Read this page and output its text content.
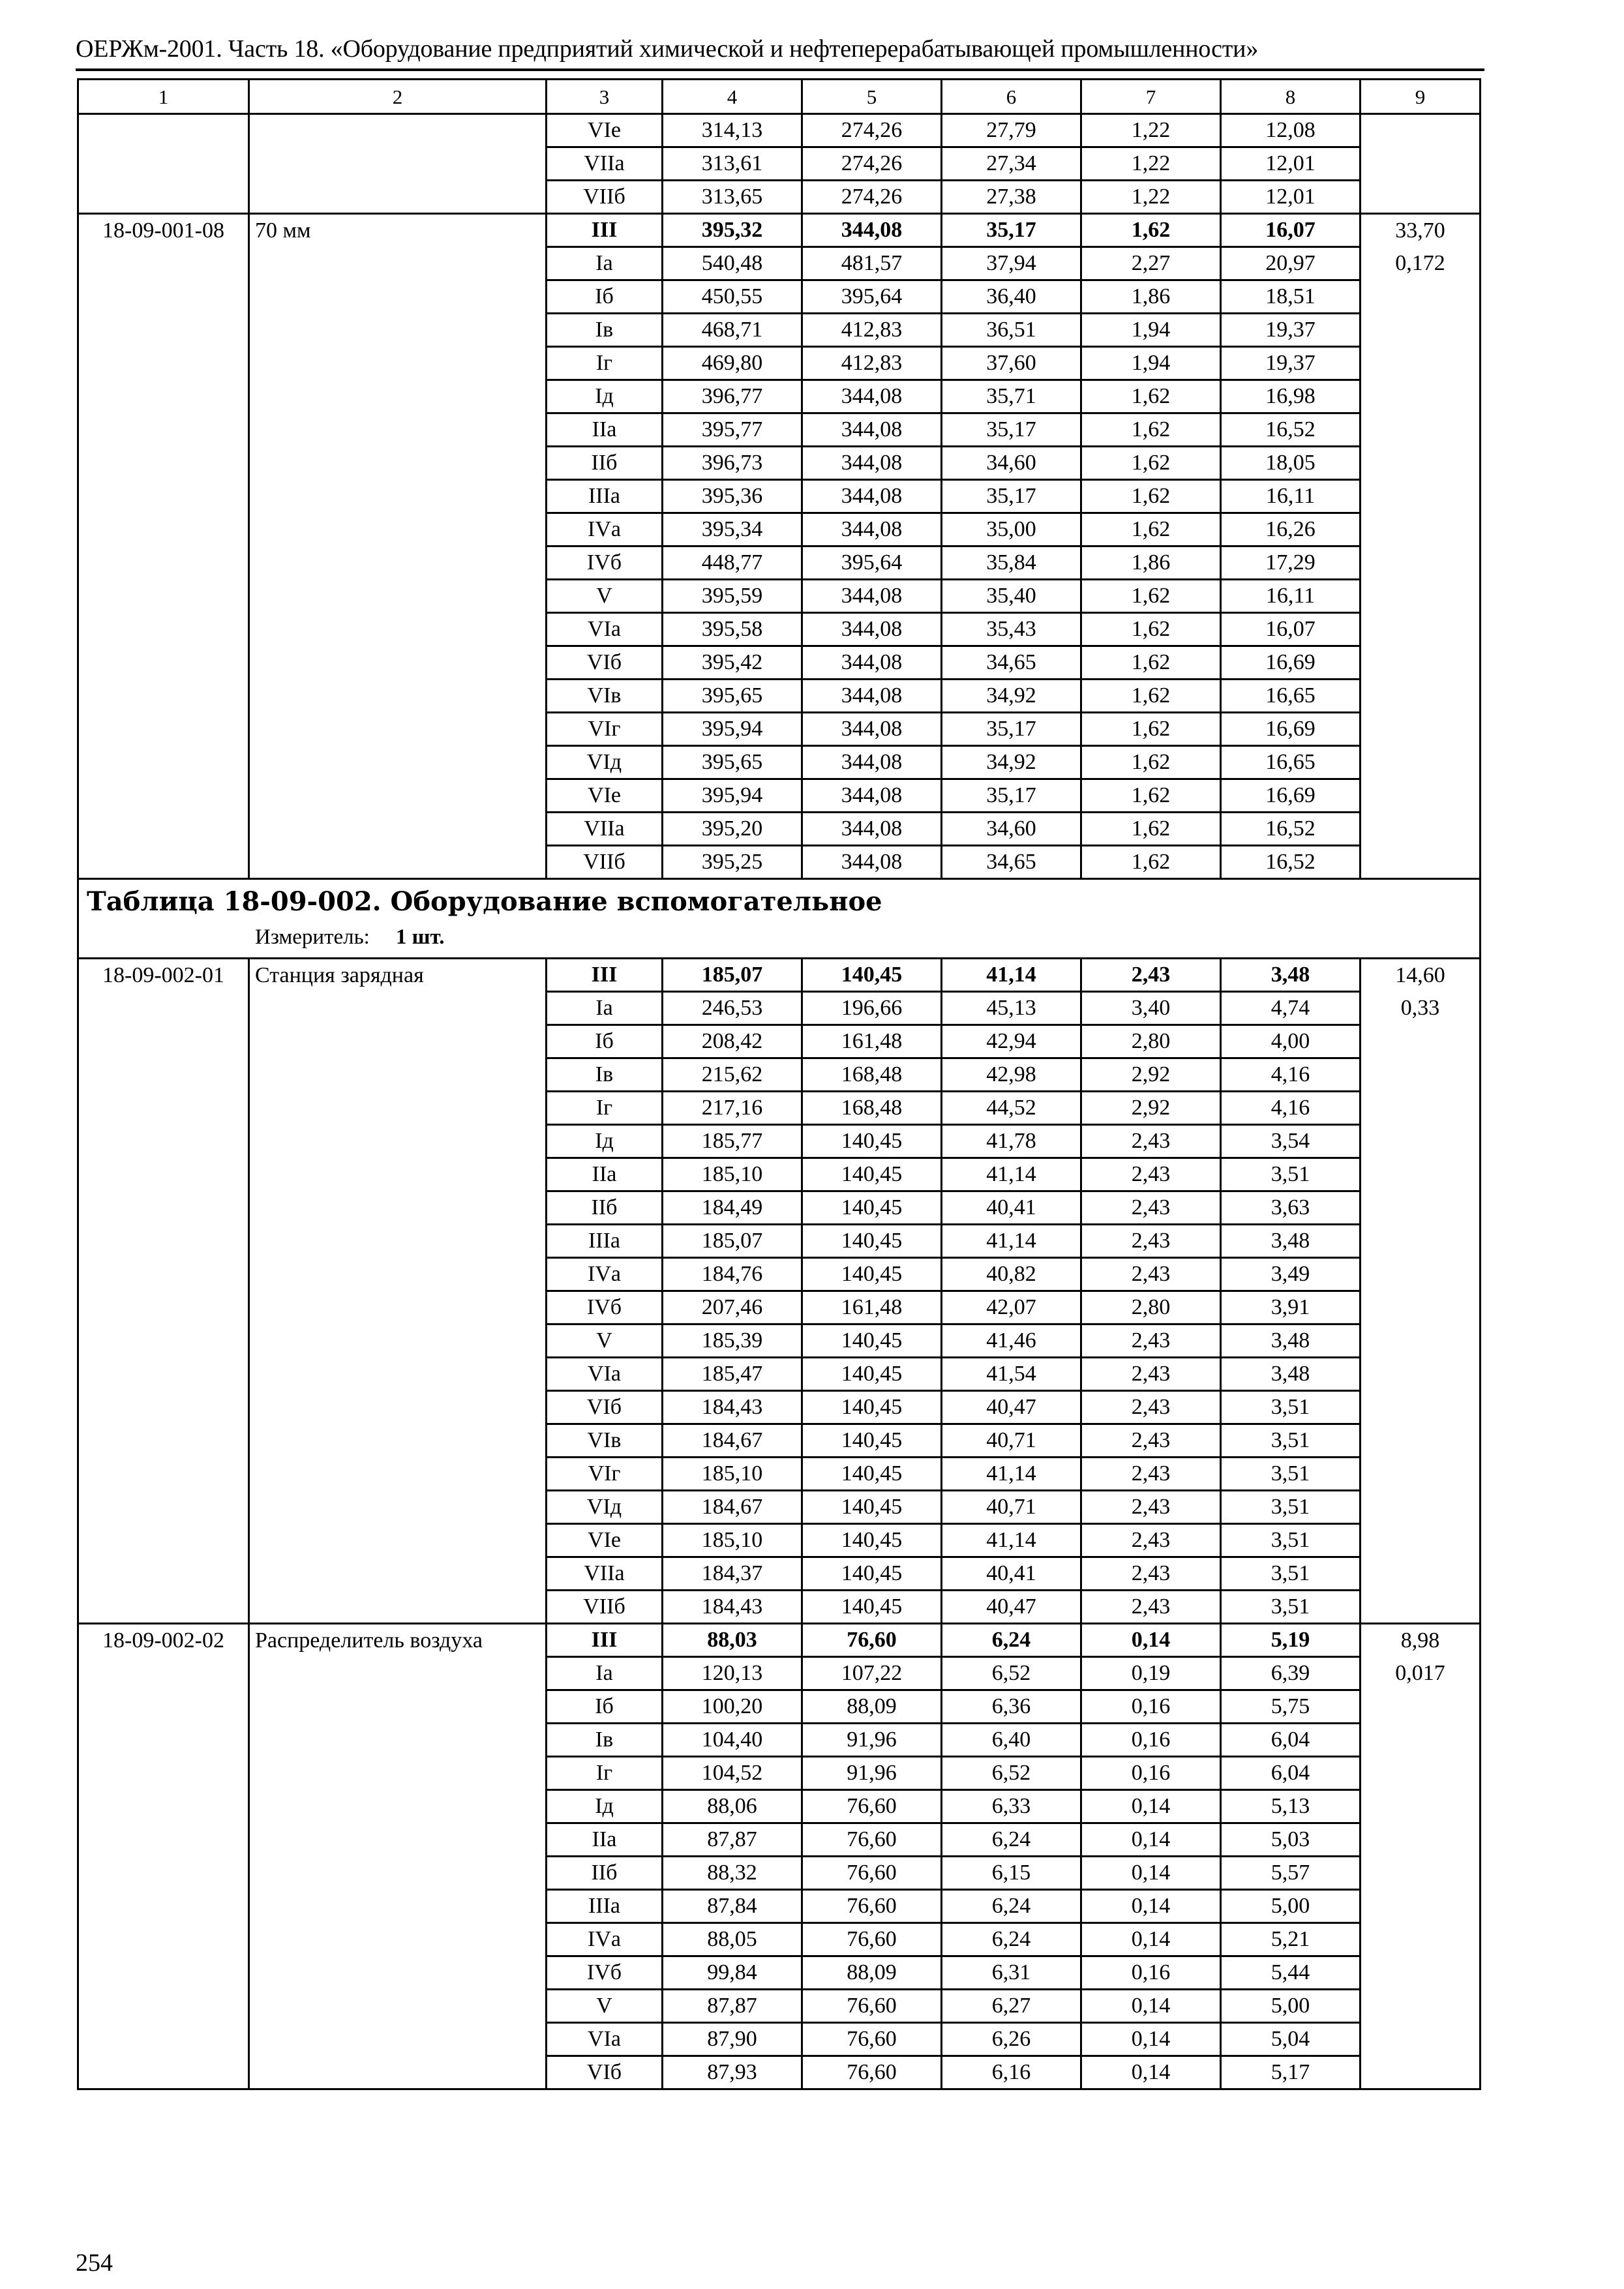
ОЕРЖм-2001. Часть 18. «Оборудование предприятий химической и нефтеперерабатывающей промышленности»
1	2	3	4	5	6	7	8	9
		VIе	314,13	274,26	27,79	1,22	12,08	
		VIIа	313,61	274,26	27,34	1,22	12,01	
		VIIб	313,65	274,26	27,38	1,22	12,01	
18-09-001-08	70 мм	III	395,32	344,08	35,17	1,62	16,07	33,70
		Iа	540,48	481,57	37,94	2,27	20,97	0,172
		Iб	450,55	395,64	36,40	1,86	18,51	
		Iв	468,71	412,83	36,51	1,94	19,37	
		Iг	469,80	412,83	37,60	1,94	19,37	
		Iд	396,77	344,08	35,71	1,62	16,98	
		IIа	395,77	344,08	35,17	1,62	16,52	
		IIб	396,73	344,08	34,60	1,62	18,05	
		IIIа	395,36	344,08	35,17	1,62	16,11	
		IVа	395,34	344,08	35,00	1,62	16,26	
		IVб	448,77	395,64	35,84	1,86	17,29	
		V	395,59	344,08	35,40	1,62	16,11	
		VIа	395,58	344,08	35,43	1,62	16,07	
		VIб	395,42	344,08	34,65	1,62	16,69	
		VIв	395,65	344,08	34,92	1,62	16,65	
		VIг	395,94	344,08	35,17	1,62	16,69	
		VIд	395,65	344,08	34,92	1,62	16,65	
		VIе	395,94	344,08	35,17	1,62	16,69	
		VIIа	395,20	344,08	34,60	1,62	16,52	
		VIIб	395,25	344,08	34,65	1,62	16,52	

Таблица 18-09-002. Оборудование вспомогательное
Измеритель: 1 шт.								

18-09-002-01	Станция зарядная	III	185,07	140,45	41,14	2,43	3,48	14,60
		Iа	246,53	196,66	45,13	3,40	4,74	0,33
		Iб	208,42	161,48	42,94	2,80	4,00	
		Iв	215,62	168,48	42,98	2,92	4,16	
		Iг	217,16	168,48	44,52	2,92	4,16	
		Iд	185,77	140,45	41,78	2,43	3,54	
		IIа	185,10	140,45	41,14	2,43	3,51	
		IIб	184,49	140,45	40,41	2,43	3,63	
		IIIа	185,07	140,45	41,14	2,43	3,48	
		IVа	184,76	140,45	40,82	2,43	3,49	
		IVб	207,46	161,48	42,07	2,80	3,91	
		V	185,39	140,45	41,46	2,43	3,48	
		VIа	185,47	140,45	41,54	2,43	3,48	
		VIб	184,43	140,45	40,47	2,43	3,51	
		VIв	184,67	140,45	40,71	2,43	3,51	
		VIг	185,10	140,45	41,14	2,43	3,51	
		VIд	184,67	140,45	40,71	2,43	3,51	
		VIе	185,10	140,45	41,14	2,43	3,51	
		VIIа	184,37	140,45	40,41	2,43	3,51	
		VIIб	184,43	140,45	40,47	2,43	3,51	
18-09-002-02	Распределитель воздуха	III	88,03	76,60	6,24	0,14	5,19	8,98
		Iа	120,13	107,22	6,52	0,19	6,39	0,017
		Iб	100,20	88,09	6,36	0,16	5,75	
		Iв	104,40	91,96	6,40	0,16	6,04	
		Iг	104,52	91,96	6,52	0,16	6,04	
		Iд	88,06	76,60	6,33	0,14	5,13	
		IIа	87,87	76,60	6,24	0,14	5,03	
		IIб	88,32	76,60	6,15	0,14	5,57	
		IIIа	87,84	76,60	6,24	0,14	5,00	
		IVа	88,05	76,60	6,24	0,14	5,21	
		IVб	99,84	88,09	6,31	0,16	5,44	
		V	87,87	76,60	6,27	0,14	5,00	
		VIа	87,90	76,60	6,26	0,14	5,04	
		VIб	87,93	76,60	6,16	0,14	5,17	
254
